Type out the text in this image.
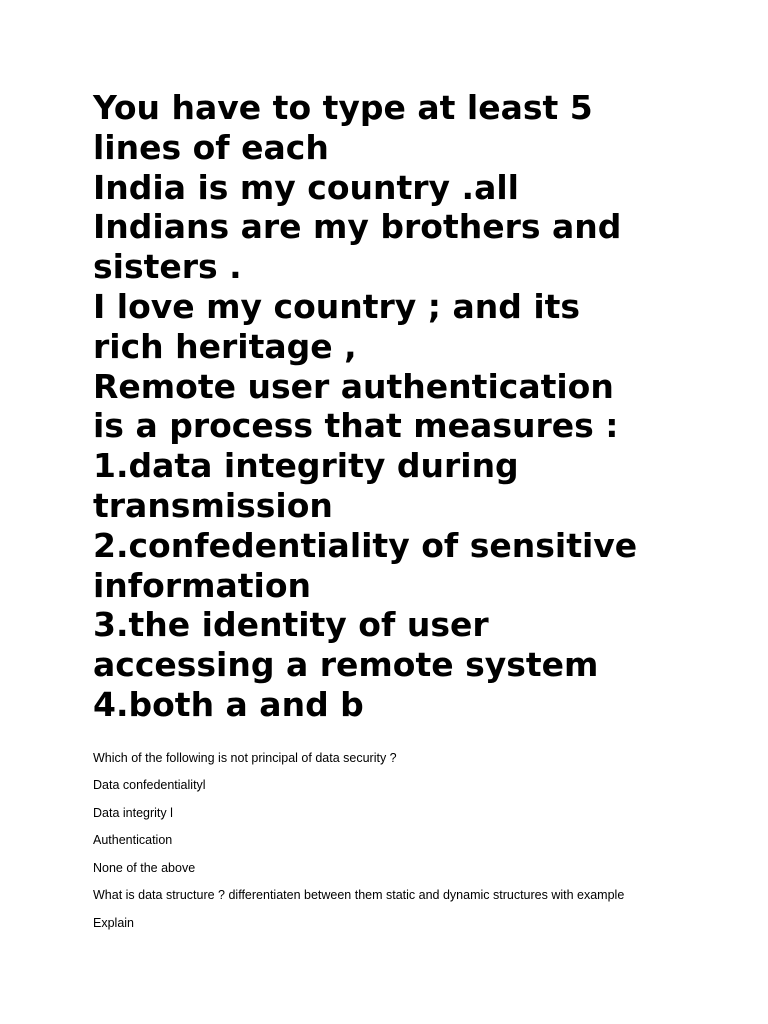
You have to type at least 5
lines of each
India is my country .all
Indians are my brothers and
sisters .
I love my country ; and its
rich heritage ,
Remote user authentication
is a process that measures :
1.data integrity during
transmission
2.confedentiality of sensitive
information
3.the identity of user
accessing a remote system
4.both a and b
Which of the following is not principal of data security ?
Data confedentialityl
Data integrity l
Authentication
None of the above
What is data structure ? differentiaten between them static and dynamic structures with example
Explain
